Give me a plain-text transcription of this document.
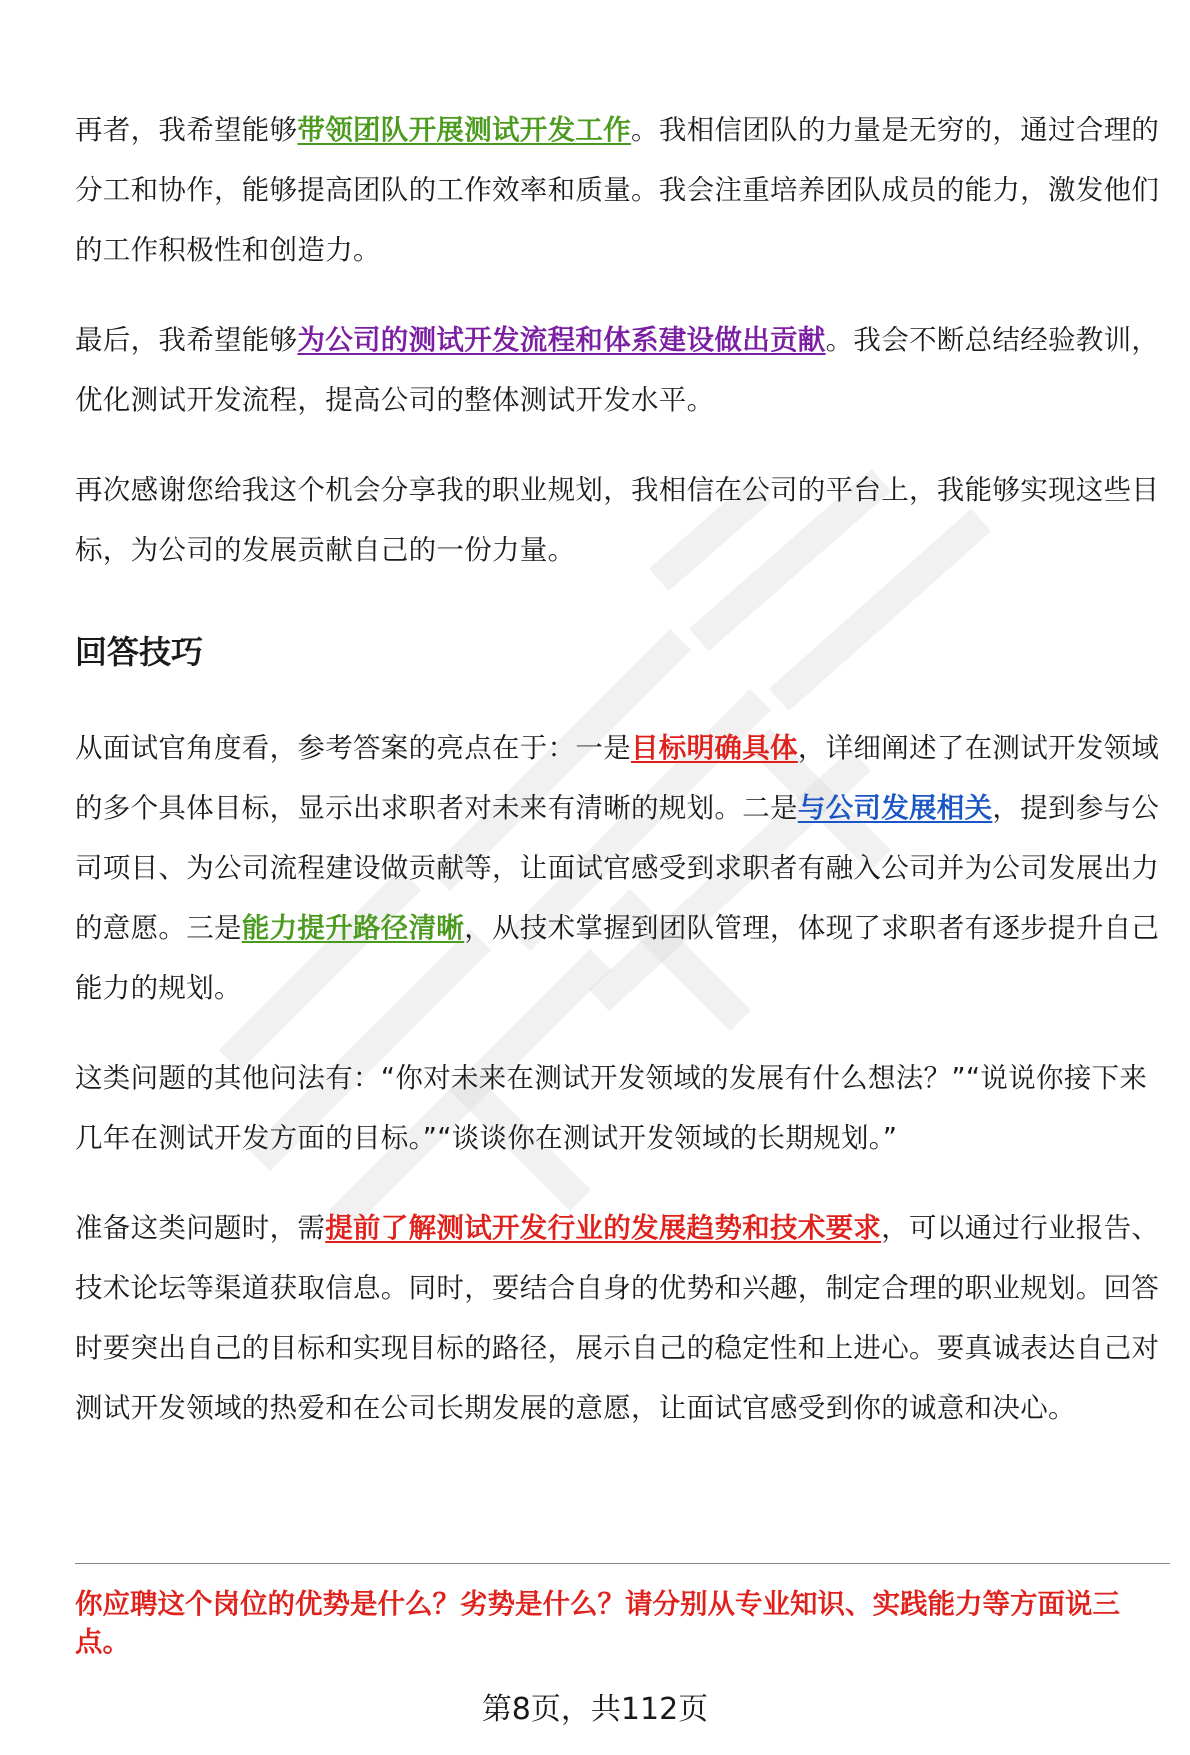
再者，我希望能够带领团队开展测试开发工作。我相信团队的力量是无穷的，通过合理的分工和协作，能够提高团队的工作效率和质量。我会注重培养团队成员的能力，激发他们的工作积极性和创造力。

最后，我希望能够为公司的测试开发流程和体系建设做出贡献。我会不断总结经验教训，优化测试开发流程，提高公司的整体测试开发水平。

再次感谢您给我这个机会分享我的职业规划，我相信在公司的平台上，我能够实现这些目标，为公司的发展贡献自己的一份力量。

回答技巧

从面试官角度看，参考答案的亮点在于：一是目标明确具体，详细阐述了在测试开发领域的多个具体目标，显示出求职者对未来有清晰的规划。二是与公司发展相关，提到参与公司项目、为公司流程建设做贡献等，让面试官感受到求职者有融入公司并为公司发展出力的意愿。三是能力提升路径清晰，从技术掌握到团队管理，体现了求职者有逐步提升自己能力的规划。

这类问题的其他问法有：“你对未来在测试开发领域的发展有什么想法？”“说说你接下来几年在测试开发方面的目标。”“谈谈你在测试开发领域的长期规划。”

准备这类问题时，需提前了解测试开发行业的发展趋势和技术要求，可以通过行业报告、技术论坛等渠道获取信息。同时，要结合自身的优势和兴趣，制定合理的职业规划。回答时要突出自己的目标和实现目标的路径，展示自己的稳定性和上进心。要真诚表达自己对测试开发领域的热爱和在公司长期发展的意愿，让面试官感受到你的诚意和决心。

你应聘这个岗位的优势是什么？劣势是什么？请分别从专业知识、实践能力等方面说三点。

第8页，共112页
